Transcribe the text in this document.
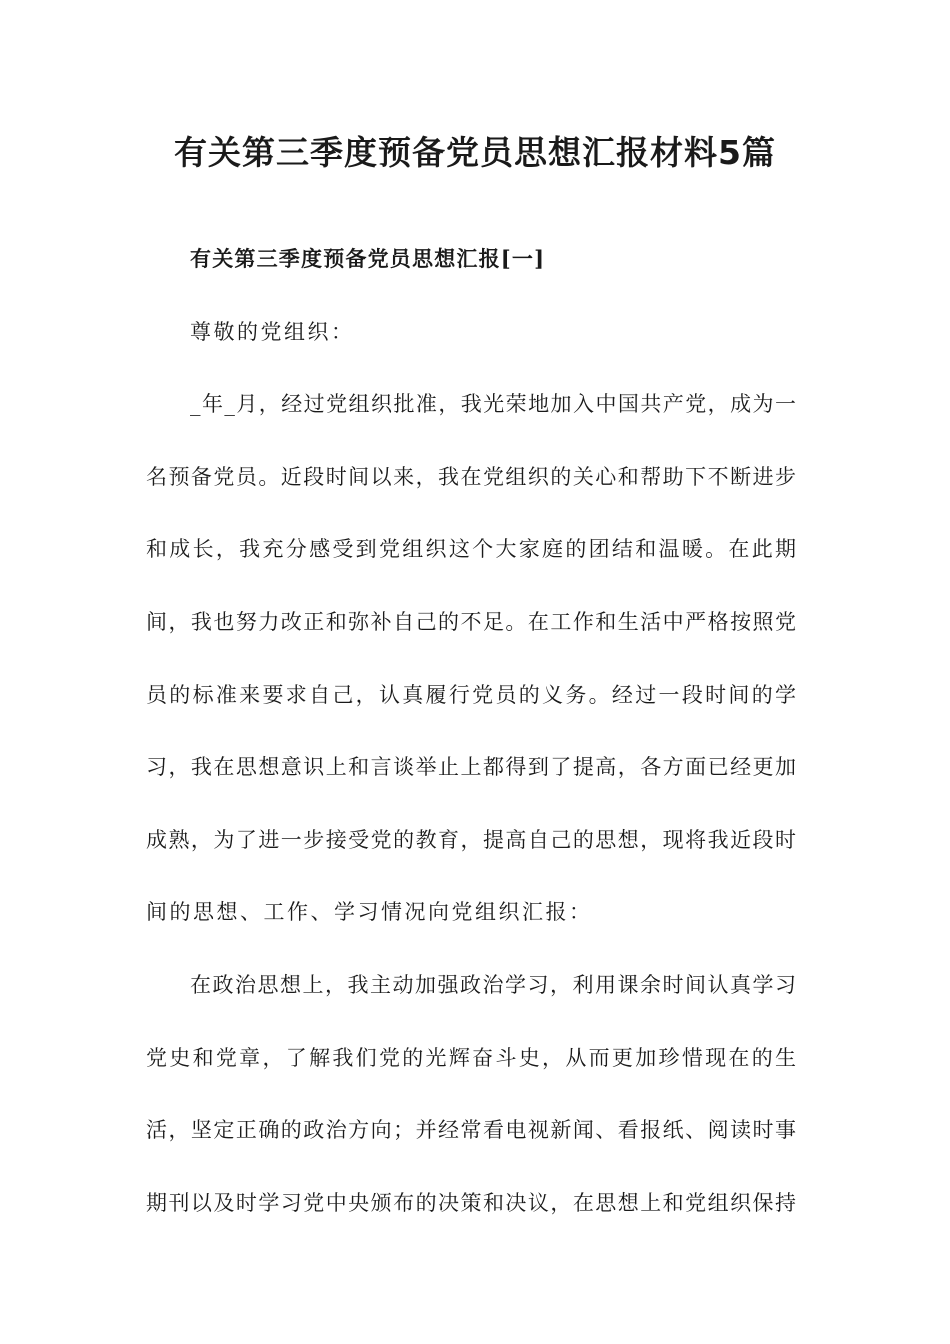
有关第三季度预备党员思想汇报材料5篇
有关第三季度预备党员思想汇报[一]
尊敬的党组织：
_年_月，经过党组织批准，我光荣地加入中国共产党，成为一
名预备党员。近段时间以来，我在党组织的关心和帮助下不断进步
和成长，我充分感受到党组织这个大家庭的团结和温暖。在此期
间，我也努力改正和弥补自己的不足。在工作和生活中严格按照党
员的标准来要求自己，认真履行党员的义务。经过一段时间的学
习，我在思想意识上和言谈举止上都得到了提高，各方面已经更加
成熟，为了进一步接受党的教育，提高自己的思想，现将我近段时
间的思想、工作、学习情况向党组织汇报：
在政治思想上，我主动加强政治学习，利用课余时间认真学习
党史和党章，了解我们党的光辉奋斗史，从而更加珍惜现在的生
活，坚定正确的政治方向；并经常看电视新闻、看报纸、阅读时事
期刊以及时学习党中央颁布的决策和决议，在思想上和党组织保持
